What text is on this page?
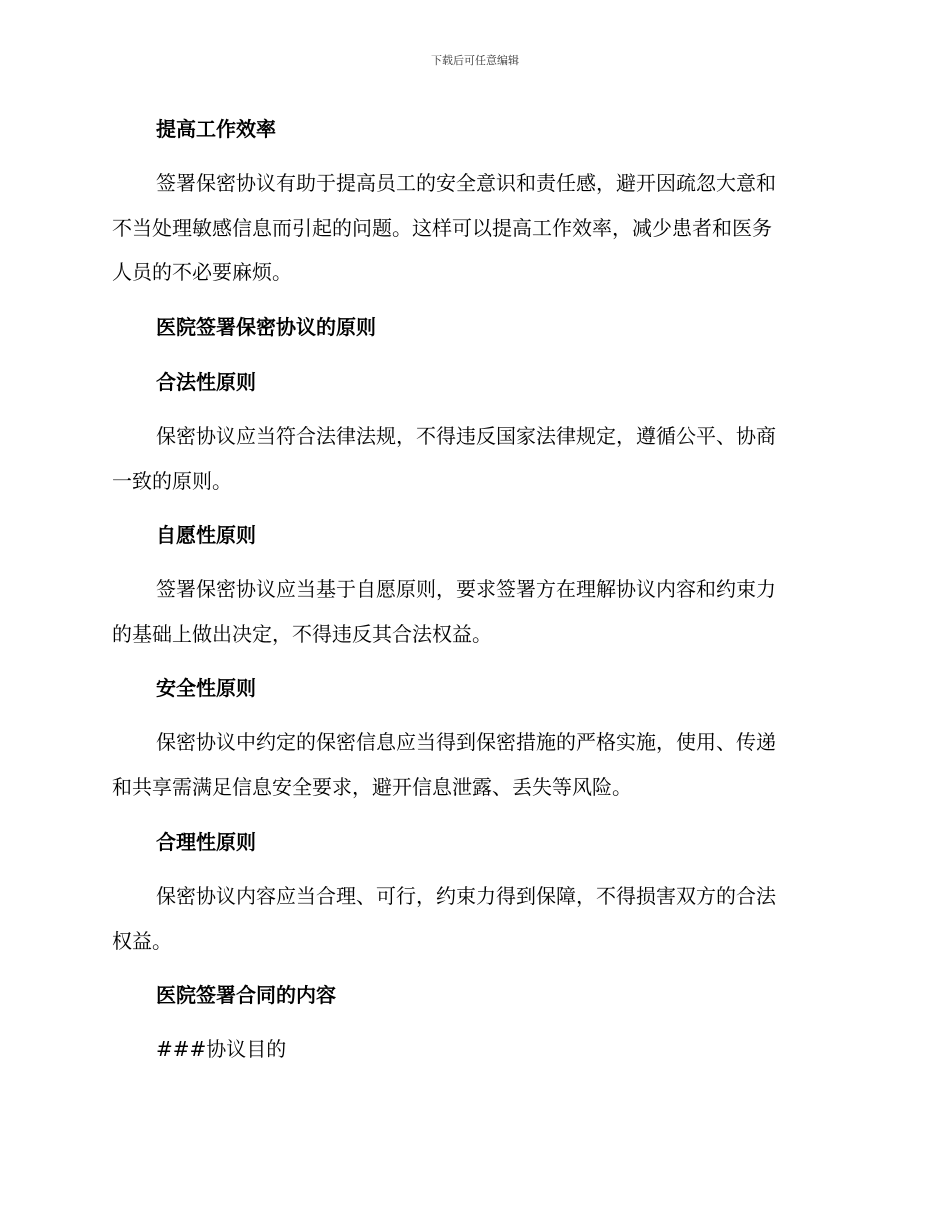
下载后可任意编辑
提高工作效率
签署保密协议有助于提高员工的安全意识和责任感，避开因疏忽大意和
不当处理敏感信息而引起的问题。这样可以提高工作效率，减少患者和医务
人员的不必要麻烦。
医院签署保密协议的原则
合法性原则
保密协议应当符合法律法规，不得违反国家法律规定，遵循公平、协商
一致的原则。
自愿性原则
签署保密协议应当基于自愿原则，要求签署方在理解协议内容和约束力
的基础上做出决定，不得违反其合法权益。
安全性原则
保密协议中约定的保密信息应当得到保密措施的严格实施，使用、传递
和共享需满足信息安全要求，避开信息泄露、丢失等风险。
合理性原则
保密协议内容应当合理、可行，约束力得到保障，不得损害双方的合法
权益。
医院签署合同的内容
###协议目的
